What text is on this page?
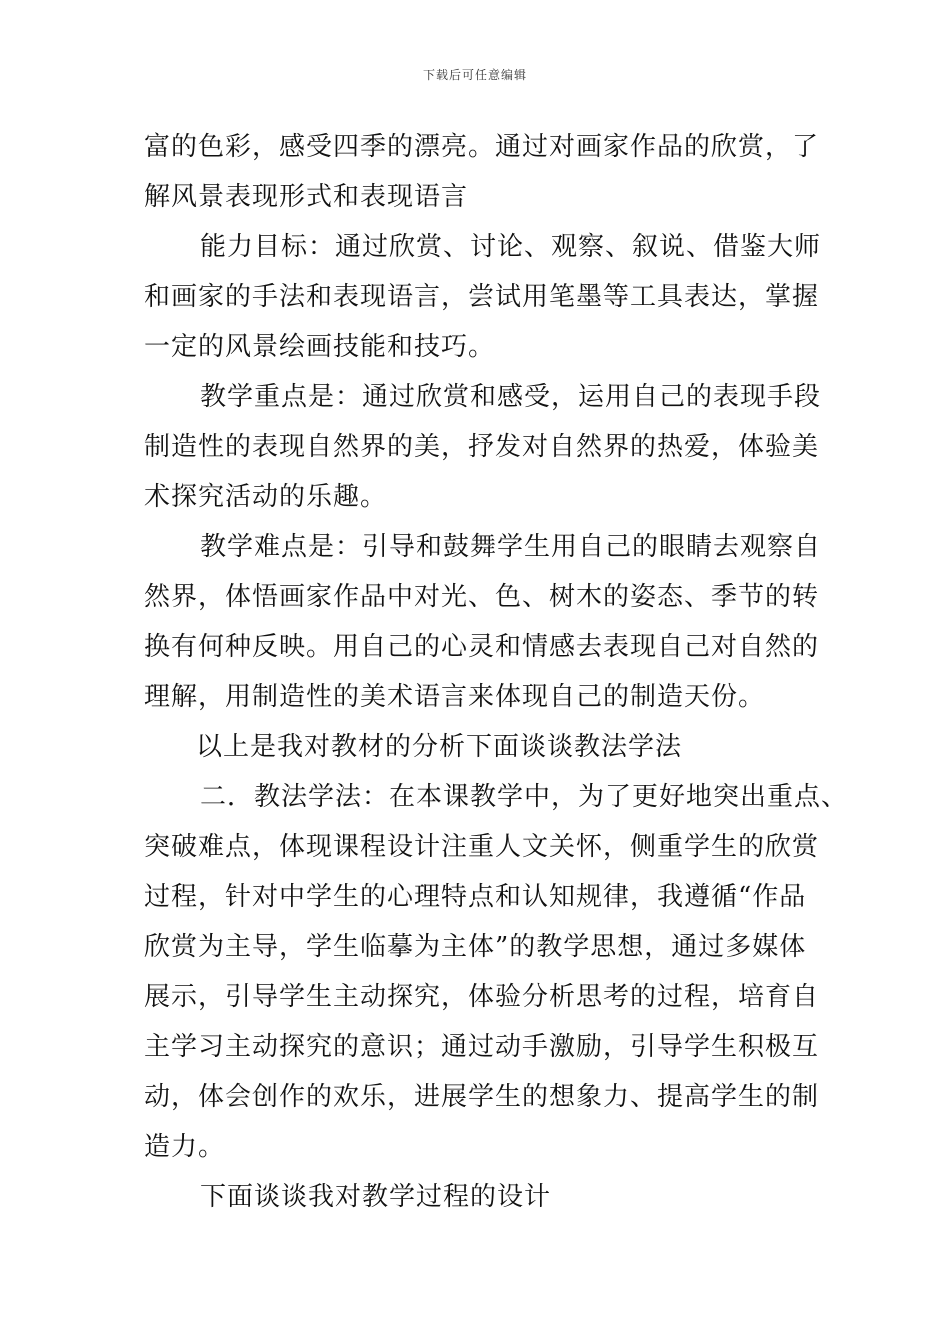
下载后可任意编辑
富的色彩，感受四季的漂亮。通过对画家作品的欣赏，了
解风景表现形式和表现语言
能力目标：通过欣赏、讨论、观察、叙说、借鉴大师
和画家的手法和表现语言，尝试用笔墨等工具表达，掌握
一定的风景绘画技能和技巧。
教学重点是：通过欣赏和感受，运用自己的表现手段
制造性的表现自然界的美，抒发对自然界的热爱，体验美
术探究活动的乐趣。
教学难点是：引导和鼓舞学生用自己的眼睛去观察自
然界，体悟画家作品中对光、色、树木的姿态、季节的转
换有何种反映。用自己的心灵和情感去表现自己对自然的
理解，用制造性的美术语言来体现自己的制造天份。
以上是我对教材的分析下面谈谈教法学法
二．教法学法：在本课教学中，为了更好地突出重点、
突破难点，体现课程设计注重人文关怀，侧重学生的欣赏
过程，针对中学生的心理特点和认知规律，我遵循“作品
欣赏为主导，学生临摹为主体”的教学思想，通过多媒体
展示，引导学生主动探究，体验分析思考的过程，培育自
主学习主动探究的意识；通过动手激励，引导学生积极互
动，体会创作的欢乐，进展学生的想象力、提高学生的制
造力。
下面谈谈我对教学过程的设计
